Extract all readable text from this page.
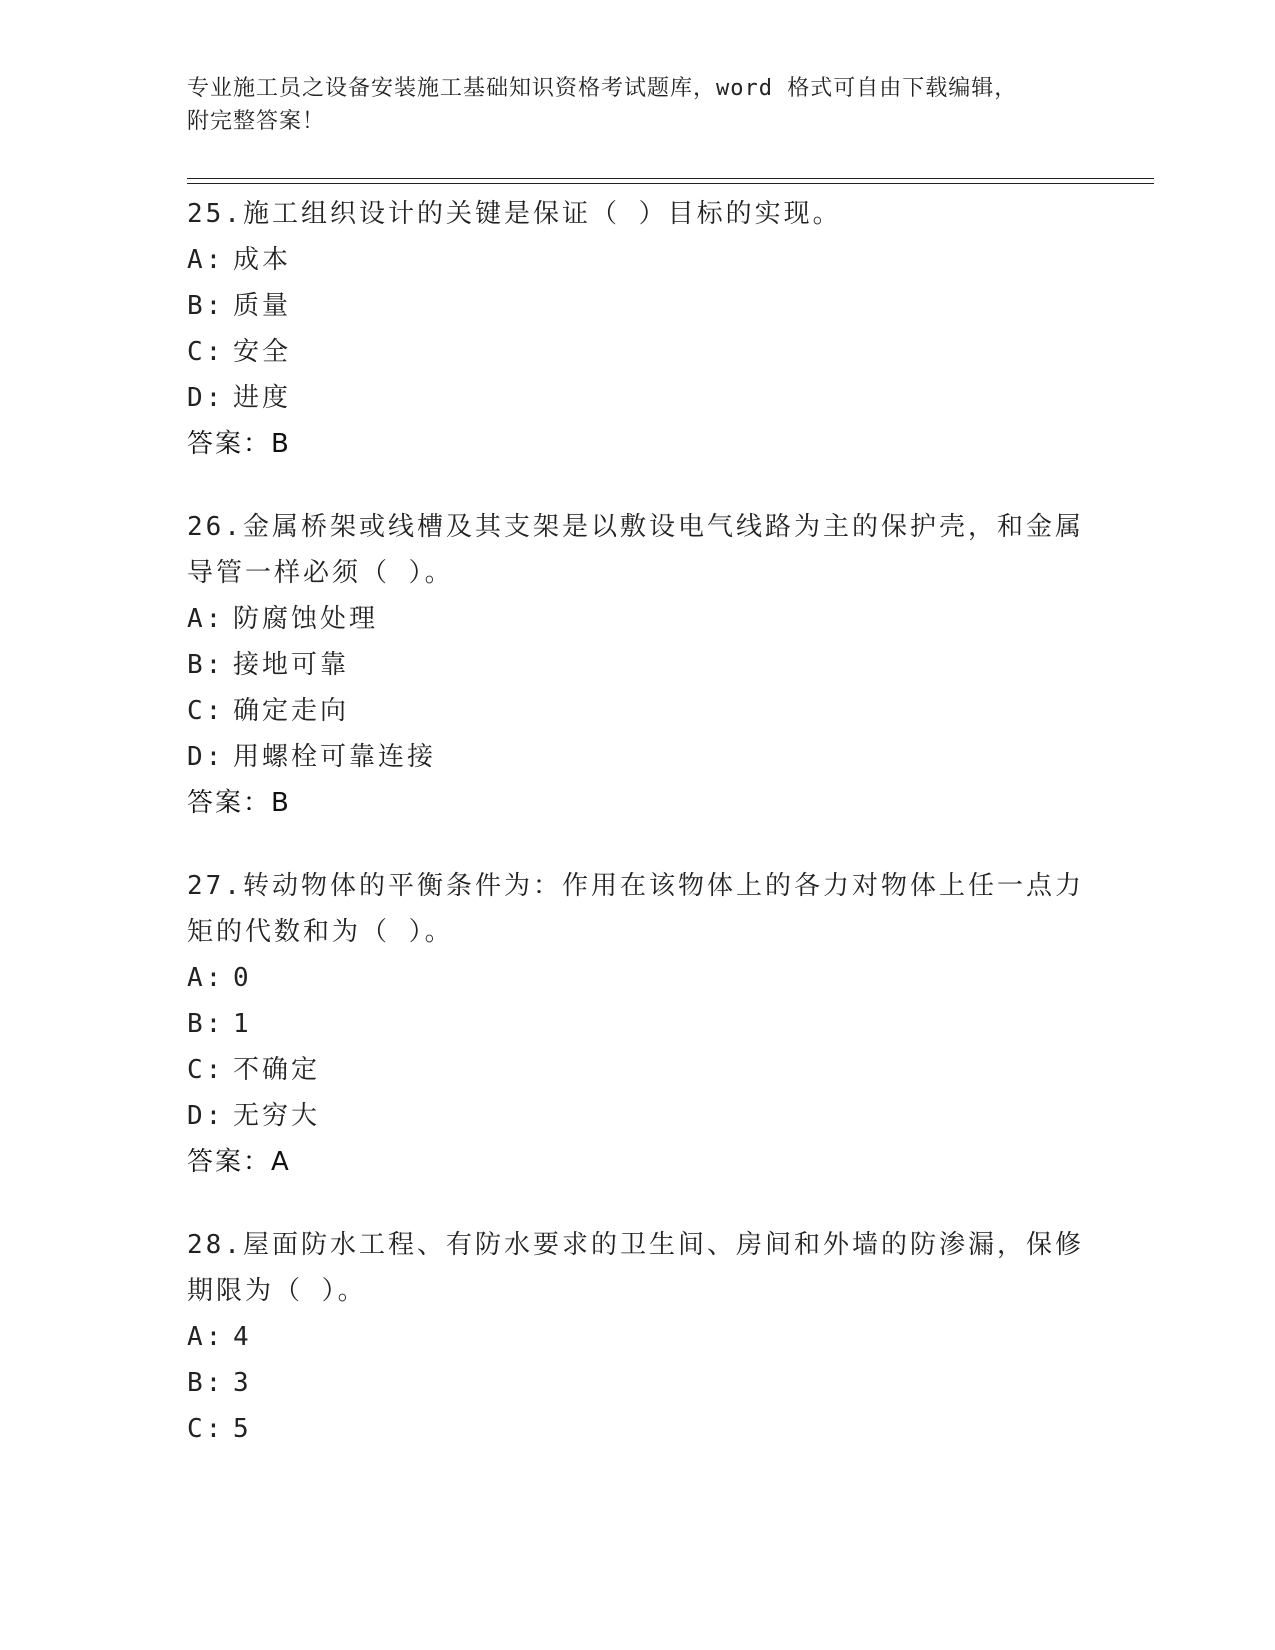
专业施工员之设备安装施工基础知识资格考试题库，word 格式可自由下载编辑，
附完整答案！
25.施工组织设计的关键是保证（ ）目标的实现。
A: 成本
B: 质量
C: 安全
D: 进度
答案：B
26.金属桥架或线槽及其支架是以敷设电气线路为主的保护壳，和金属导管一样必须（ ）。
A: 防腐蚀处理
B: 接地可靠
C: 确定走向
D: 用螺栓可靠连接
答案：B
27.转动物体的平衡条件为：作用在该物体上的各力对物体上任一点力矩的代数和为（ ）。
A: 0
B: 1
C: 不确定
D: 无穷大
答案：A
28.屋面防水工程、有防水要求的卫生间、房间和外墙的防渗漏，保修期限为（ ）。
A: 4
B: 3
C: 5
